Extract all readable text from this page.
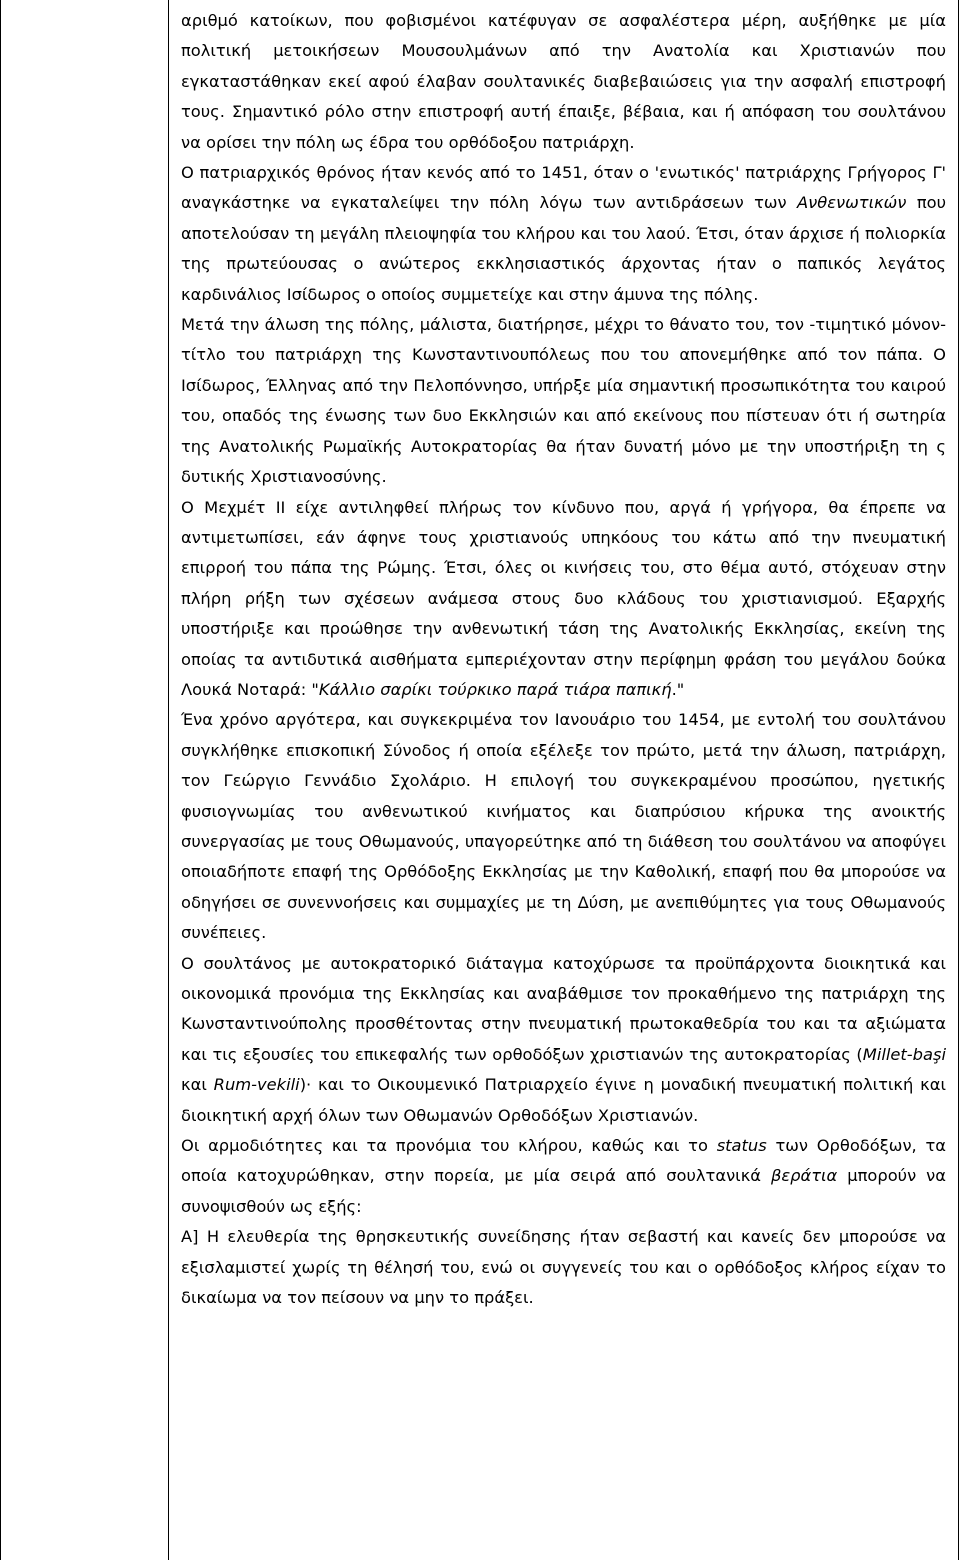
αριθμό κατοίκων, που φοβισμένοι κατέφυγαν σε ασφαλέστερα μέρη, αυξήθηκε με μία πολιτική μετοικήσεων Μουσουλμάνων από την Ανατολία και Χριστιανών που εγκαταστάθηκαν εκεί αφού έλαβαν σουλτανικές διαβεβαιώσεις για την ασφαλή επιστροφή τους. Σημαντικό ρόλο στην επιστροφή αυτή έπαιξε, βέβαια, και ή απόφαση του σουλτάνου να ορίσει την πόλη ως έδρα του ορθόδοξου πατριάρχη.

Ο πατριαρχικός θρόνος ήταν κενός από το 1451, όταν ο 'ενωτικός' πατριάρχης Γρήγορος Γ' αναγκάστηκε να εγκαταλείψει την πόλη λόγω των αντιδράσεων των Ανθενωτικών που αποτελούσαν τη μεγάλη πλειοψηφία του κλήρου και του λαού. Έτσι, όταν άρχισε ή πολιορκία της πρωτεύουσας ο ανώτερος εκκλησιαστικός άρχοντας ήταν ο παπικός λεγάτος καρδινάλιος Ισίδωρος ο οποίος συμμετείχε και στην άμυνα της πόλης.

Μετά την άλωση της πόλης, μάλιστα, διατήρησε, μέχρι το θάνατο του, τον -τιμητικό μόνον-τίτλο του πατριάρχη της Κωνσταντινουπόλεως που του απονεμήθηκε από τον πάπα. Ο Ισίδωρος, Έλληνας από την Πελοπόννησο, υπήρξε μία σημαντική προσωπικότητα του καιρού του, οπαδός της ένωσης των δυο Εκκλησιών και από εκείνους που πίστευαν ότι ή σωτηρία της Ανατολικής Ρωμαϊκής Αυτοκρατορίας θα ήταν δυνατή μόνο με την υποστήριξη τη ς δυτικής Χριστιανοσύνης.

Ο Μεχμέτ ΙΙ είχε αντιληφθεί πλήρως τον κίνδυνο που, αργά ή γρήγορα, θα έπρεπε να αντιμετωπίσει, εάν άφηνε τους χριστιανούς υπηκόους του κάτω από την πνευματική επιρροή του πάπα της Ρώμης. Έτσι, όλες οι κινήσεις του, στο θέμα αυτό, στόχευαν στην πλήρη ρήξη των σχέσεων ανάμεσα στους δυο κλάδους του χριστιανισμού. Εξαρχής υποστήριξε και προώθησε την ανθενωτική τάση της Ανατολικής Εκκλησίας, εκείνη της οποίας τα αντιδυτικά αισθήματα εμπεριέχονταν στην περίφημη φράση του μεγάλου δούκα Λουκά Νοταρά: "Κάλλιο σαρίκι τούρκικο παρά τιάρα παπική."

Ένα χρόνο αργότερα, και συγκεκριμένα τον Ιανουάριο του 1454, με εντολή του σουλτάνου συγκλήθηκε επισκοπική Σύνοδος ή οποία εξέλεξε τον πρώτο, μετά την άλωση, πατριάρχη, τον Γεώργιο Γεννάδιο Σχολάριο. Η επιλογή του συγκεκραμένου προσώπου, ηγετικής φυσιογνωμίας του ανθενωτικού κινήματος και διαπρύσιου κήρυκα της ανοικτής συνεργασίας με τους Οθωμανούς, υπαγορεύτηκε από τη διάθεση του σουλτάνου να αποφύγει οποιαδήποτε επαφή της Ορθόδοξης Εκκλησίας με την Καθολική, επαφή που θα μπορούσε να οδηγήσει σε συνεννοήσεις και συμμαχίες με τη Δύση, με ανεπιθύμητες για τους Οθωμανούς συνέπειες.

Ο σουλτάνος με αυτοκρατορικό διάταγμα κατοχύρωσε τα προϋπάρχοντα διοικητικά και οικονομικά προνόμια της Εκκλησίας και αναβάθμισε τον προκαθήμενο της πατριάρχη της Κωνσταντινούπολης προσθέτοντας στην πνευματική πρωτοκαθεδρία του και τα αξιώματα και τις εξουσίες του επικεφαλής των ορθοδόξων χριστιανών της αυτοκρατορίας (Millet-başi και Rum-vekili)· και το Οικουμενικό Πατριαρχείο έγινε η μοναδική πνευματική πολιτική και διοικητική αρχή όλων των Οθωμανών Ορθοδόξων Χριστιανών.

Οι αρμοδιότητες και τα προνόμια του κλήρου, καθώς και το status των Ορθοδόξων, τα οποία κατοχυρώθηκαν, στην πορεία, με μία σειρά από σουλτανικά βεράτια μπορούν να συνοψισθούν ως εξής:

Α] Η ελευθερία της θρησκευτικής συνείδησης ήταν σεβαστή και κανείς δεν μπορούσε να εξισλαμιστεί χωρίς τη θέλησή του, ενώ οι συγγενείς του και ο ορθόδοξος κλήρος είχαν το δικαίωμα να τον πείσουν να μην το πράξει.
